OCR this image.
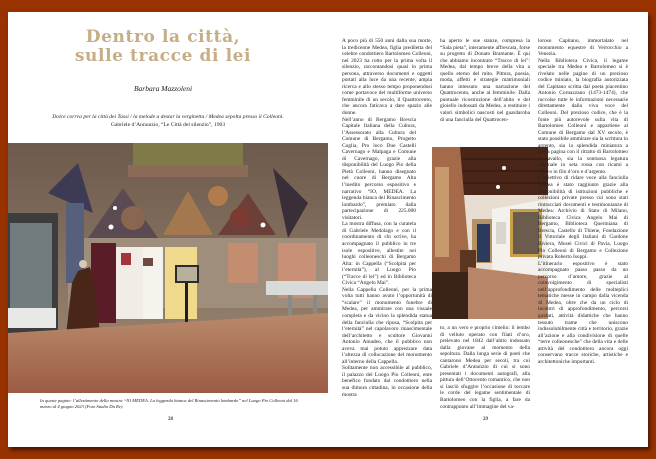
Dentro la città,
sulle tracce di lei
Barbara Mazzoleni
Dolce corrva per la città dei Tassi / la melode a destar la verginetta / Medea sepolta presso il Colleoni.
Gabriele d’Annunzio, “Le Città del silenzio”, 1903
In queste pagine: l’allestimento della mostra “IO MEDEA. La leggenda bianca del Rinascimento lombardo” nel Luogo Pio Colleoni dal 16 marzo al 4 giugno 2023 (Foto Studio Da Re).
28

A poco più di 550 anni dalla sua morte, la tredicenne Medea, figlia prediletta del celebre condottiero Bartolomeo Colleoni, nel 2023 ha rotto per la prima volta il silenzio, raccontandosi quasi in prima persona, attraverso documenti e oggetti portati alla luce da una recente, ampia ricerca e allo stesso tempo proponendosi come portavoce del multiforme universo femminile di un secolo, il Quattrocento, che ancora faticava a dare spazio alle donne.

Nell’anno di Bergamo Brescia Capitale Italiana della Cultura, l’Assessorato alla Cultura del Comune di Bergamo, Progetto Coglia, Pro loco Due Castelli Cavernago e Malpaga e Comune di Cavernago, grazie alla disponibilità del Luogo Pio della Pietà Colleoni, hanno disegnato nel cuore di Bergamo Alta l’inedito percorso espositivo e narrativo “IO, MEDEA. La leggenda bianca del Rinascimento lombardo”, premiato dalla partecipazione di 225.000 visitatori.

La mostra diffusa, con la curatela di Gabriele Medolago e con il coordinamento di chi scrive, ha accompagnato il pubblico in tre isole espositive, allestite nei luoghi colleoneschi di Bergamo Alta: in Cappella (“Scolpita per l’eternità”), al Luogo Pio (“Tracce di lei”) ed in Biblioteca Civica “Angelo Mai”.

Nella Cappella Colleoni, per la prima volta tutti hanno avuto l’opportunità di “scalare” il monumento funebre di Medea, per ammirare con una visuale completa e da vicino la splendida statua della fanciulla che riposa, “Scolpita per l’eternità” nel capolavoro rinascimentale dell’architetto e scultore Giovanni Antonio Amadeo, che il pubblico non aveva mai potuto apprezzare data l’altezza di collocazione del monumento all’interno della Cappella.

Solitamente non accessibile al pubblico, il palazzo del Luogo Pio Colleoni, ente benefico fondato dal condottiero nella sua dimora cittadina, in occasione della mostra

ha aperto le sue stanze, compresa la “Sala pieta”, interamente affrescata, forse su progetto di Donato Bramante. È qui che abbiamo incontrato “Tracce di lei”: Medea, dal tempo breve della vita a quello eterno del mito. Pittura, poesia, moda, affetti e strategie matrimoniali hanno intessuto una narrazione del Quattrocento, anche al femminile. Dalla puntuale ricostruzione dell’abito e del gioiello indossati da Medea, a restituire i valori simbolici nascosti nel guardaroba di una fanciulla del Quattrocen-

to, a un vero e proprio cimelio: il lembo di velluto operato con filati d’oro, prelevato nel 1842 dall’abito indossato dalla giovane al momento della sepoltura. Dalla lunga serie di poeti che cantarono Medea per secoli, tra cui Gabriele d’Annunzio di cui si sono presentati i documenti autografi, alla pittura dell’Ottocento romantico, che non si lasciò sfuggire l’occasione di toccare le corde del legame sentimentale di Bartolomeo con la figlia, a fare da contrappunto all’immagine del va-

loroso Capitano, immortalato nel monumento equestre di Verrocchio a Venezia.

Nella Biblioteca Civica, il legame speciale tra Medea e Bartolomeo si è rivelato nelle pagine di un prezioso codice miniato, la biografia autorizzata del Capitano scritta dal poeta piacentino Antonio Cornazzano (1473-1474), che raccolse tutte le informazioni necessarie direttamente dalla viva voce del Colleoni. Del prezioso codice, che è la fonte più autorevole sulla vita di Bartolomeo Colleoni e appartiene al Comune di Bergamo dal XV secolo, è stato possibile ammirare sia la scrittura in argento, sia la splendida miniatura a piena pagina con il ritratto di Bartolomeo a cavallo, sia la sontuosa legatura originale in seta rossa con ricami a rilievo in filo d’oro e d’argento.

L’obiettivo di ridare voce alla fanciulla Medea è stato raggiunto grazie alla disponibilità di istituzioni pubbliche e collezioni private presso cui sono stati rintracciati documenti e testimonianze di Medea: Archivio di Stato di Milano, Biblioteca Civica Angelo Mai di Bergamo, Biblioteca Queriniana di Brescia, Castello di Thiene, Fondazione Il Vittoriale degli Italiani di Gardone Riviera, Musei Civici di Pavia, Luogo Pio Colleoni di Bergamo e Collezione privata Roberto Isoppi.

L’itinerario espositivo è stato accompagnato passo passo da un percorso d’amore, grazie al coinvolgimento di specialisti nell’approfondimento delle molteplici tematiche messe in campo dalla vicenda di Medea, oltre che da un ciclo di incontri di approfondimento, percorsi guidati, attività didattiche che hanno tessuto trame che uniscono indissolubilmente città e territorio, grazie all’azione e alla condivisione di quelle “terre colleonesche” che della vita e delle attività del condottiero ancora oggi conservano tracce storiche, artistiche e architettoniche importanti.

29
